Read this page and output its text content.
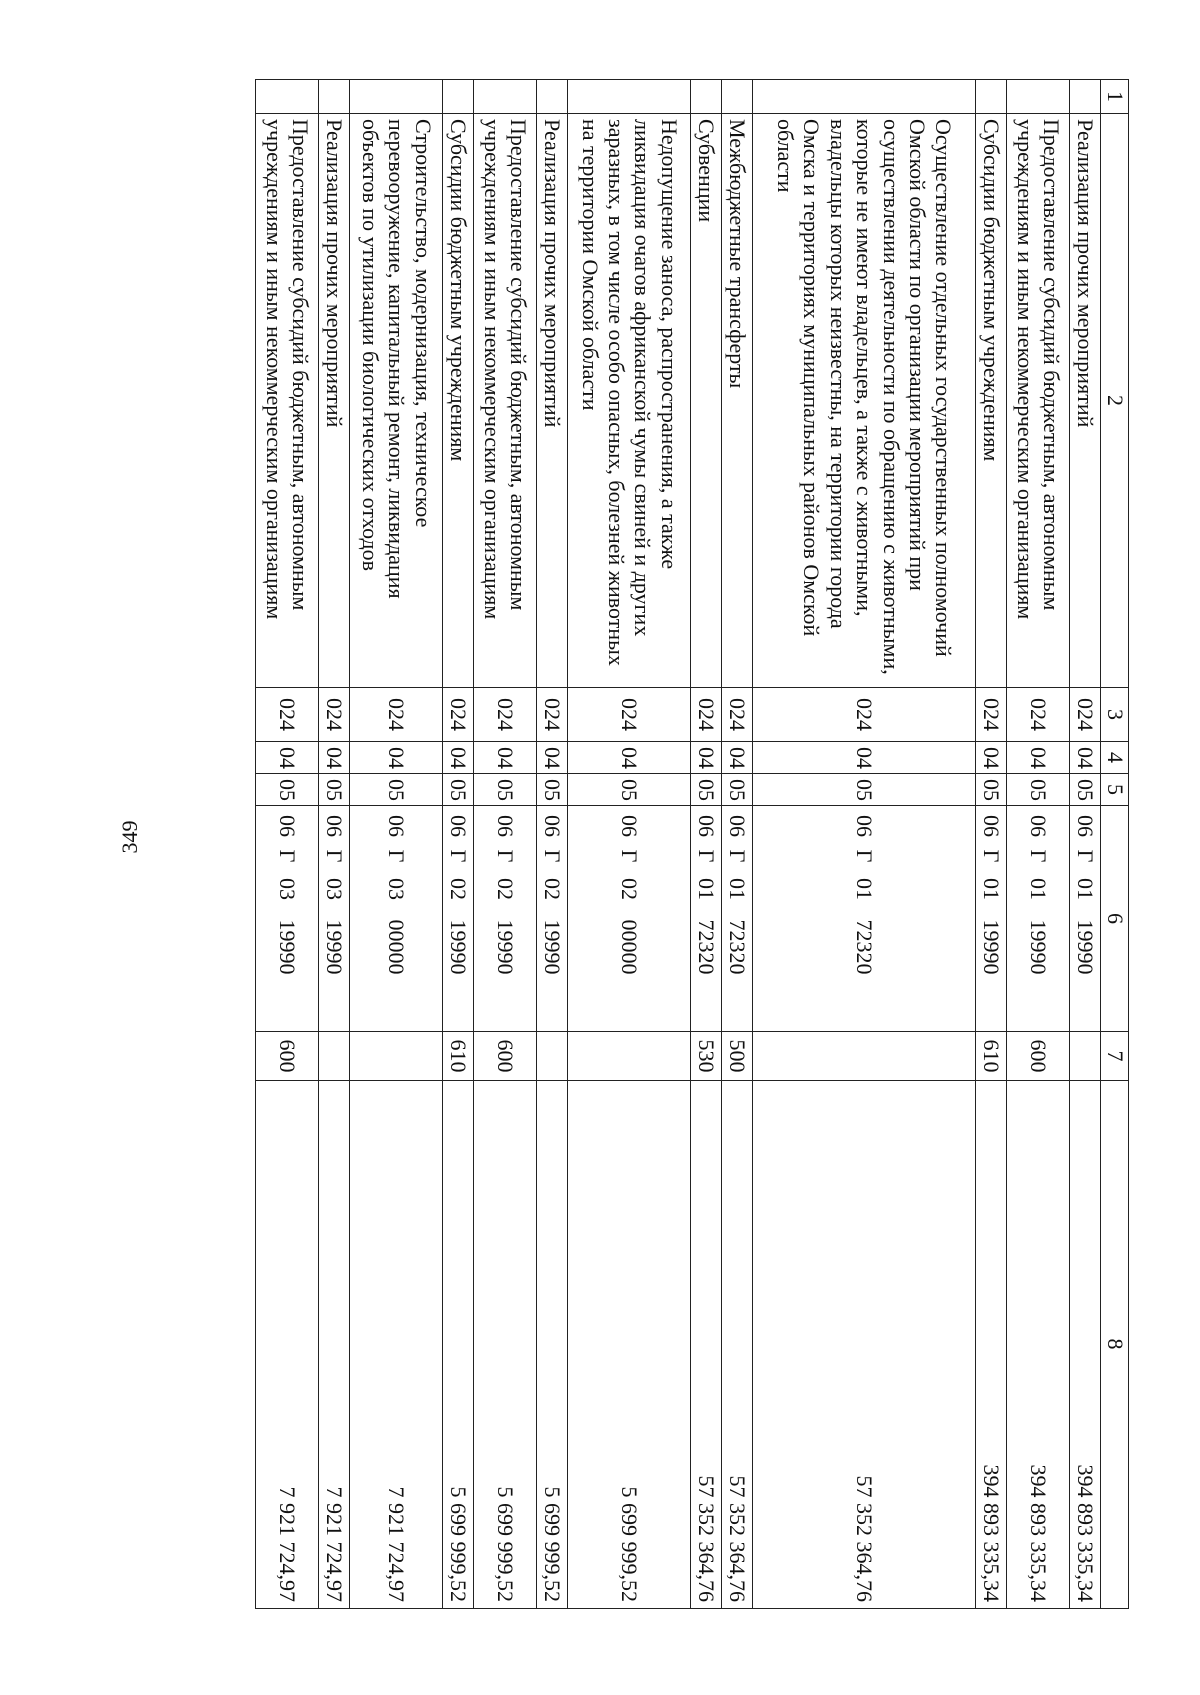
349
1	2	3	4	5	6	7	8
	Реализация прочих мероприятий	024	04	05	06Г0119990		394 893 335,34
	Предоставление субсидий бюджетным, автономным учреждениям и иным некоммерческим организациям	024	04	05	06Г0119990	600	394 893 335,34
	Субсидии бюджетным учреждениям	024	04	05	06Г0119990	610	394 893 335,34
	Осуществление отдельных государственных полномочий Омской области по организации мероприятий при осуществлении деятельности по обращению с животными, которые не имеют владельцев, а также с животными, владельцы которых неизвестны, на территории города Омска и территориях муниципальных районов Омской области	024	04	05	06Г0172320		57 352 364,76
	Межбюджетные трансферты	024	04	05	06Г0172320	500	57 352 364,76
	Субвенции	024	04	05	06Г0172320	530	57 352 364,76
	Недопущение заноса, распространения, а также ликвидация очагов африканской чумы свиней и других заразных, в том числе особо опасных, болезней животных на территории Омской области	024	04	05	06Г0200000		5 699 999,52
	Реализация прочих мероприятий	024	04	05	06Г0219990		5 699 999,52
	Предоставление субсидий бюджетным, автономным учреждениям и иным некоммерческим организациям	024	04	05	06Г0219990	600	5 699 999,52
	Субсидии бюджетным учреждениям	024	04	05	06Г0219990	610	5 699 999,52
	Строительство, модернизация, техническое перевооружение, капитальный ремонт, ликвидация объектов по утилизации биологических отходов	024	04	05	06Г0300000		7 921 724,97
	Реализация прочих мероприятий	024	04	05	06Г0319990		7 921 724,97
	Предоставление субсидий бюджетным, автономным учреждениям и иным некоммерческим организациям	024	04	05	06Г0319990	600	7 921 724,97
